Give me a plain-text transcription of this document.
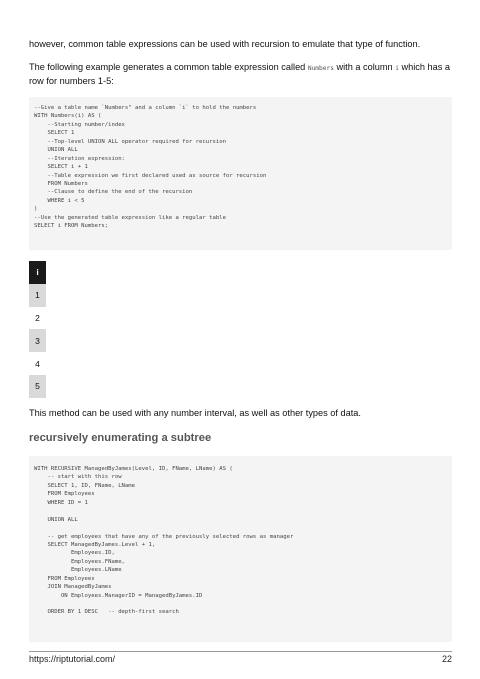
however, common table expressions can be used with recursion to emulate that type of function.
The following example generates a common table expression called Numbers with a column i which has a row for numbers 1-5:
--Give a table name `Numbers" and a column `i` to hold the numbers
WITH Numbers(i) AS (
--Starting number/index
SELECT 1
--Top-level UNION ALL operator required for recursion
UNION ALL
--Iteration expression:
SELECT i + 1
--Table expression we first declared used as source for recursion
FROM Numbers
--Clause to define the end of the recursion
WHERE i < 5
)
--Use the generated table expression like a regular table
SELECT i FROM Numbers;
i
1
2
3
4
5
This method can be used with any number interval, as well as other types of data.
recursively enumerating a subtree
WITH RECURSIVE ManagedByJames(Level, ID, FName, LName) AS (
-- start with this row
SELECT 1, ID, FName, LName
FROM Employees
WHERE ID = 1
UNION ALL
-- get employees that have any of the previously selected rows as manager
SELECT ManagedByJames.Level + 1,
Employees.ID,
Employees.FName,
Employees.LName
FROM Employees
JOIN ManagedByJames
ON Employees.ManagerID = ManagedByJames.ID
ORDER BY 1 DESC   -- depth-first search
https://riptutorial.com/	22
